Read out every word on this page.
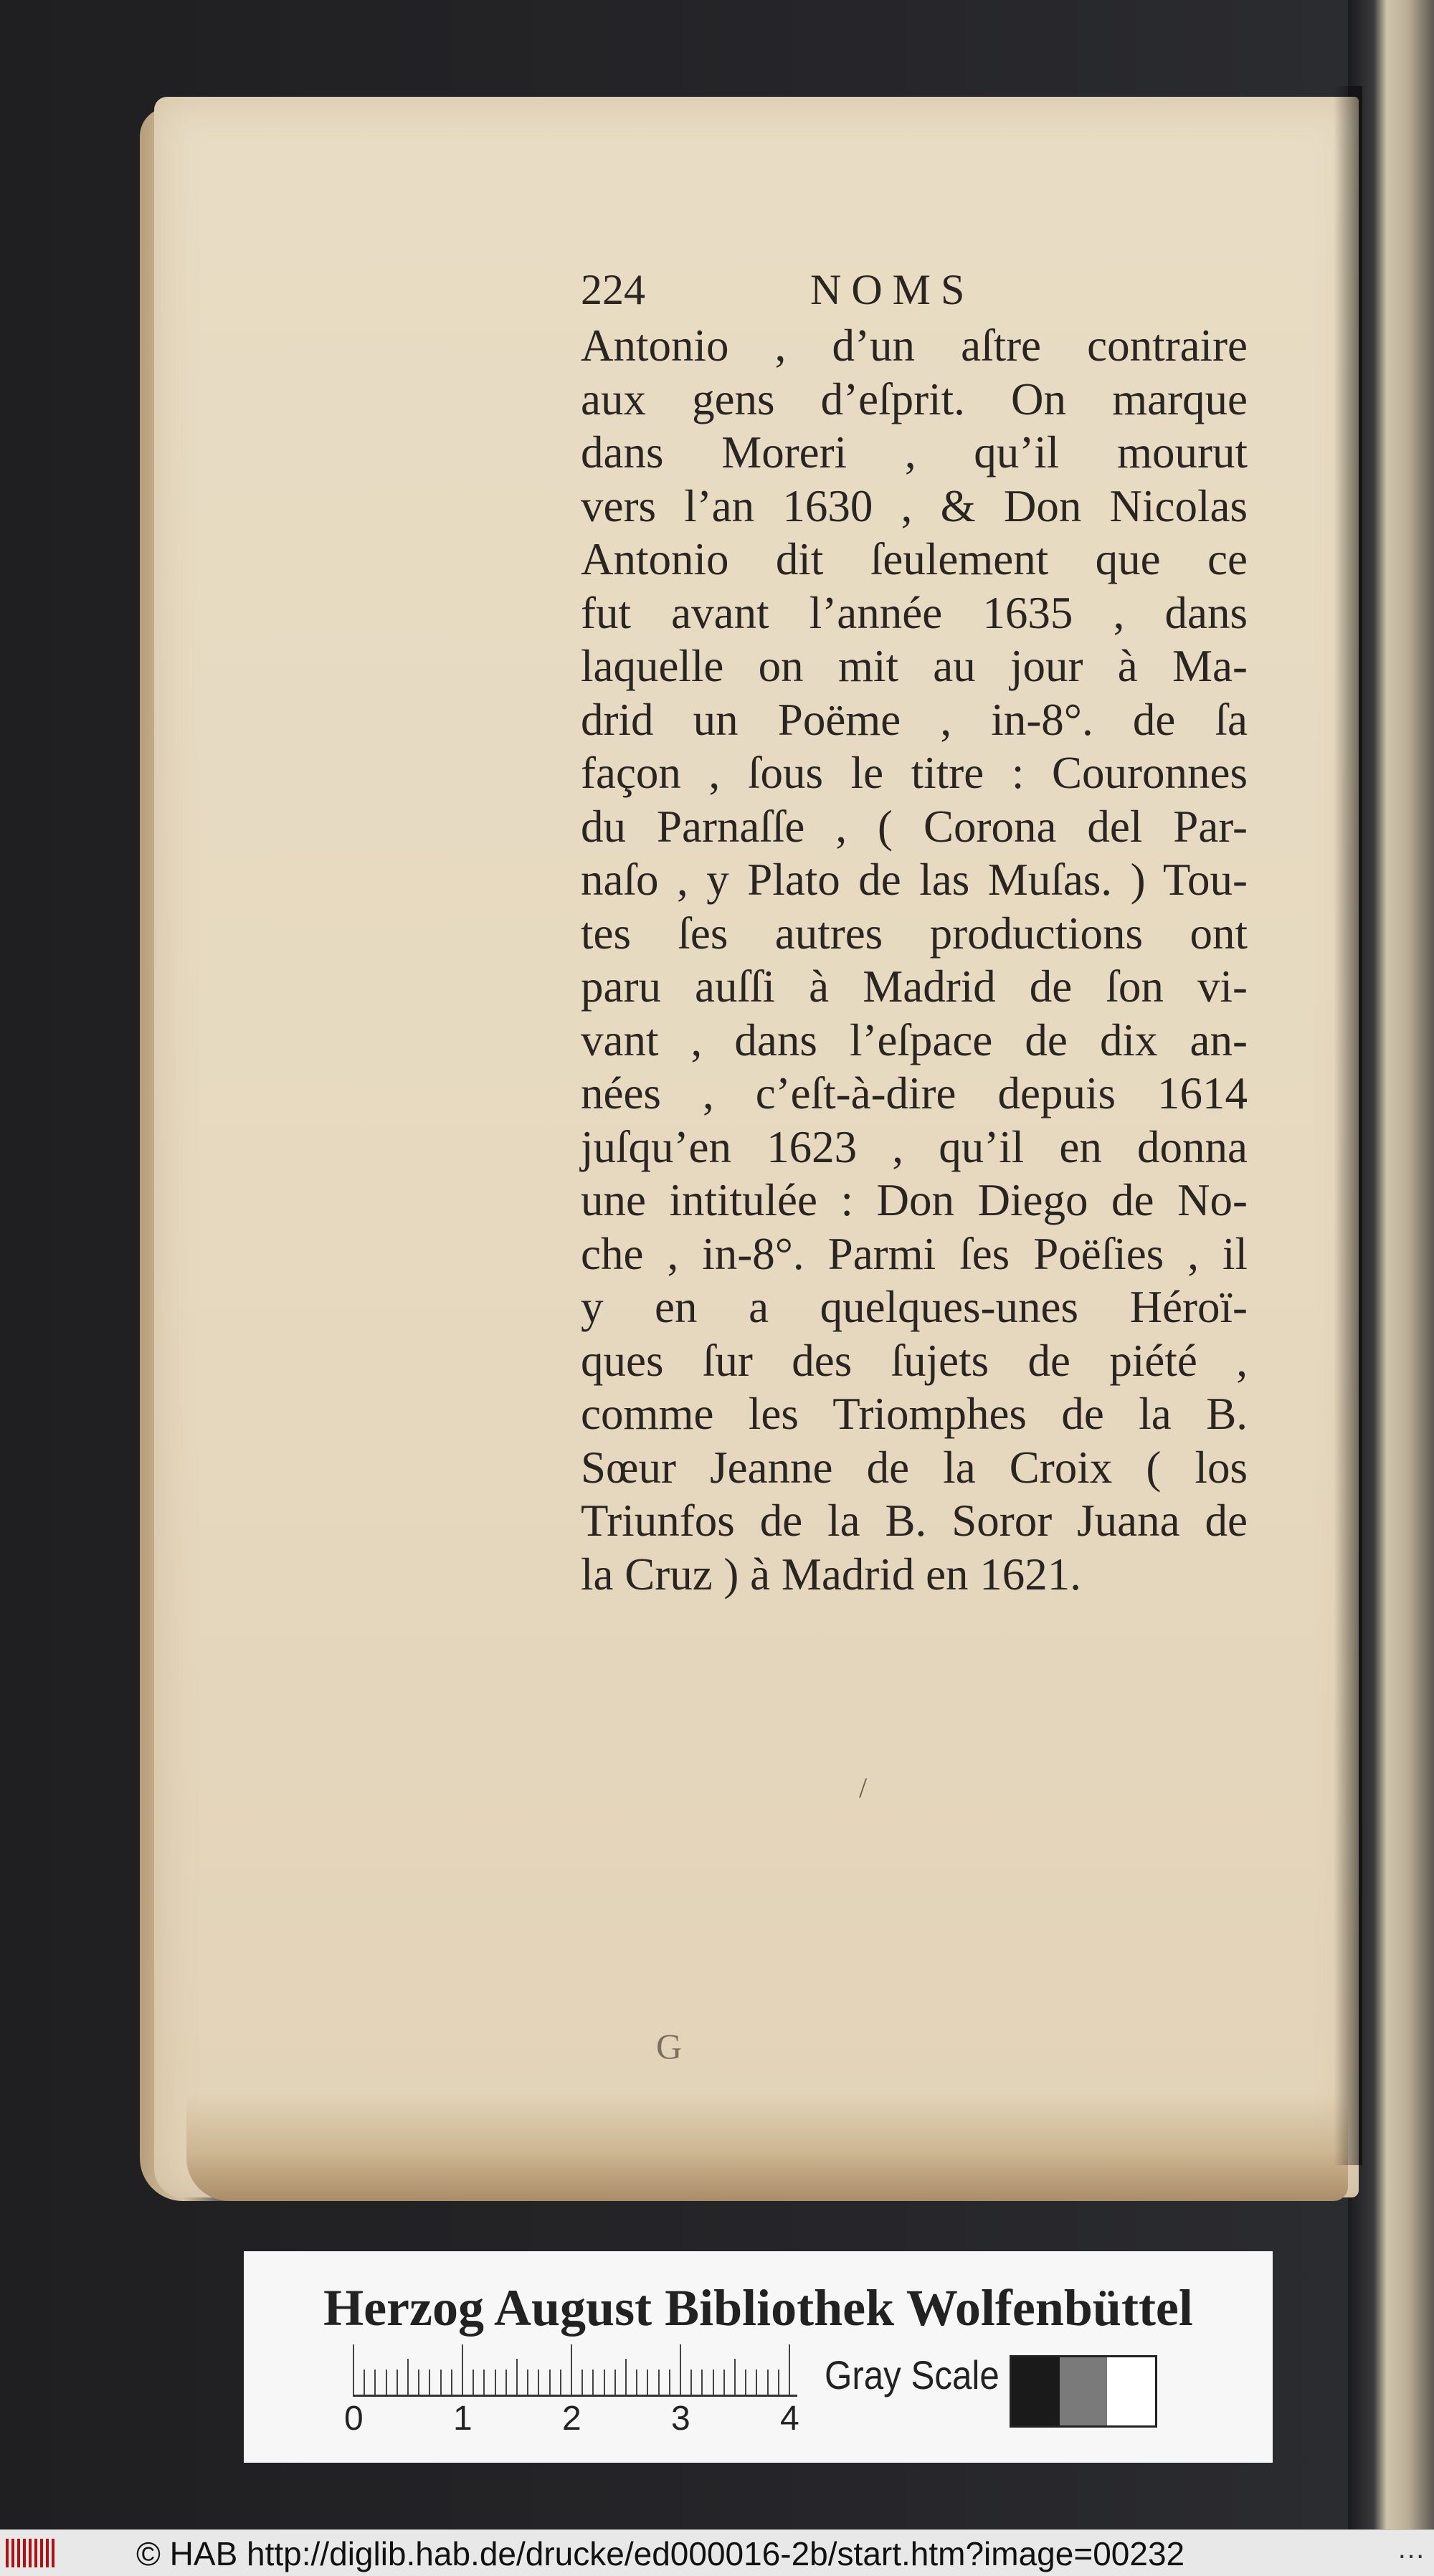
224	NOMS
Antonio , d’un aſtre contraire
aux gens d’eſprit. On marque
dans Moreri , qu’il mourut
vers l’an 1630 , & Don Nicolas
Antonio dit ſeulement que ce
fut avant l’année 1635 , dans
laquelle on mit au jour à Ma-
drid un Poëme , in-8°. de ſa
façon , ſous le titre : Couronnes
du Parnaſſe , ( Corona del Par-
naſo , y Plato de las Muſas. ) Tou-
tes ſes autres productions ont
paru auſſi à Madrid de ſon vi-
vant , dans l’eſpace de dix an-
nées , c’eſt-à-dire depuis 1614
juſqu’en 1623 , qu’il en donna
une intitulée : Don Diego de No-
che , in-8°. Parmi ſes Poëſies , il
y en a quelques-unes Héroï-
ques ſur des ſujets de piété ,
comme les Triomphes de la B.
Sœur Jeanne de la Croix ( los
Triunfos de la B. Soror Juana de
la Cruz ) à Madrid en 1621.
/
G
Herzog August Bibliothek Wolfenbüttel
0	1	2	3	4
Gray Scale
© HAB http://diglib.hab.de/drucke/ed000016-2b/start.htm?image=00232	…
